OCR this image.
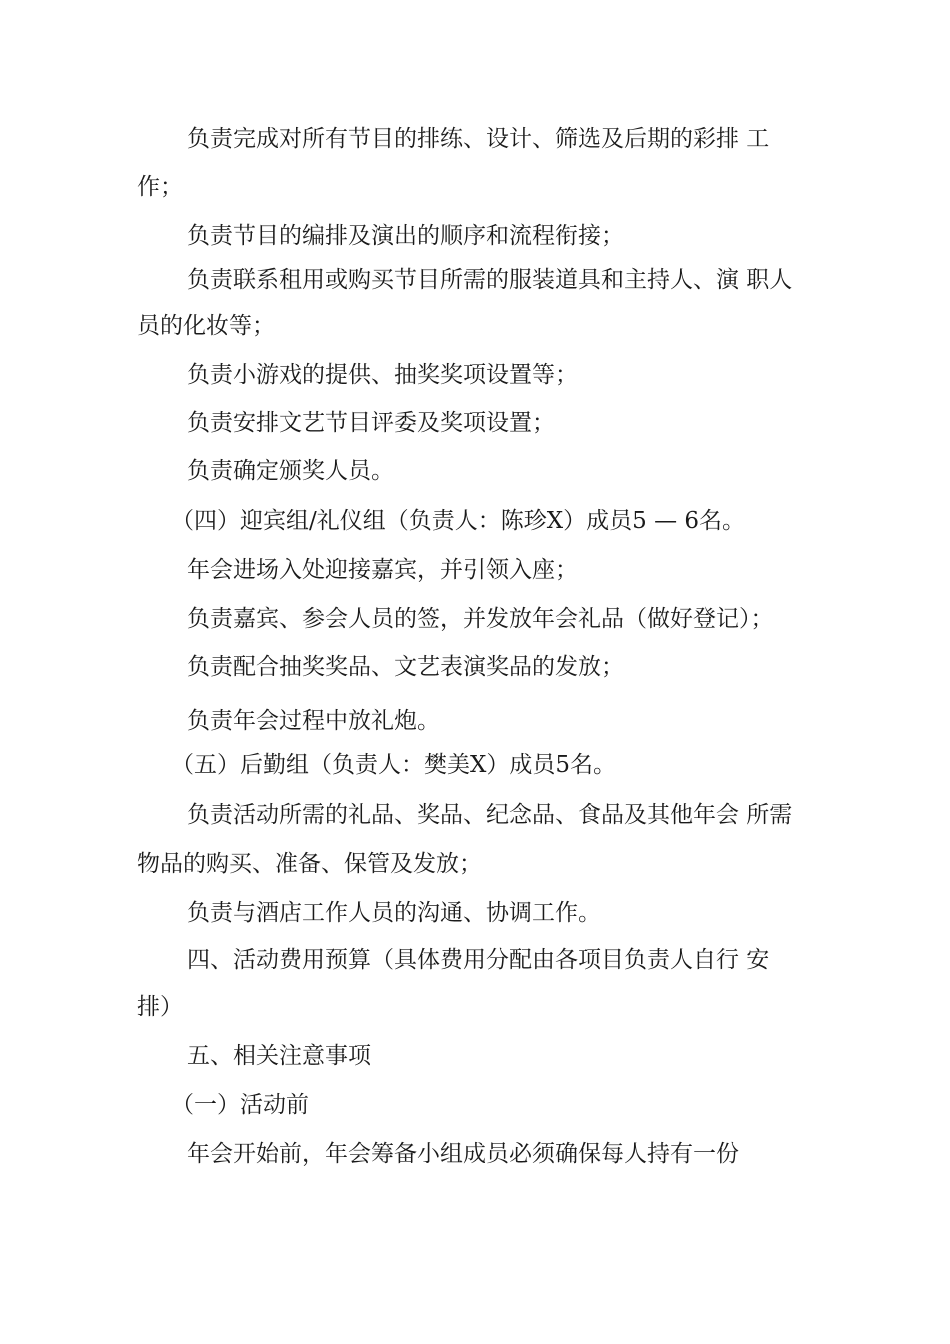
负责完成对所有节目的排练、设计、筛选及后期的彩排 工

作；

负责节目的编排及演出的顺序和流程衔接；

负责联系租用或购买节目所需的服装道具和主持人、演 职人

员的化妆等；

负责小游戏的提供、抽奖奖项设置等；

负责安排文艺节目评委及奖项设置；

负责确定颁奖人员。

（四）迎宾组/礼仪组（负责人：陈珍X）成员5 — 6名。

年会进场入处迎接嘉宾，并引领入座；

负责嘉宾、参会人员的签，并发放年会礼品（做好登记）；

负责配合抽奖奖品、文艺表演奖品的发放；

负责年会过程中放礼炮。

（五）后勤组（负责人：樊美X）成员5名。

负责活动所需的礼品、奖品、纪念品、食品及其他年会 所需

物品的购买、准备、保管及发放；

负责与酒店工作人员的沟通、协调工作。

四、活动费用预算（具体费用分配由各项目负责人自行 安

排）

五、相关注意事项

（一）活动前

年会开始前，年会筹备小组成员必须确保每人持有一份
